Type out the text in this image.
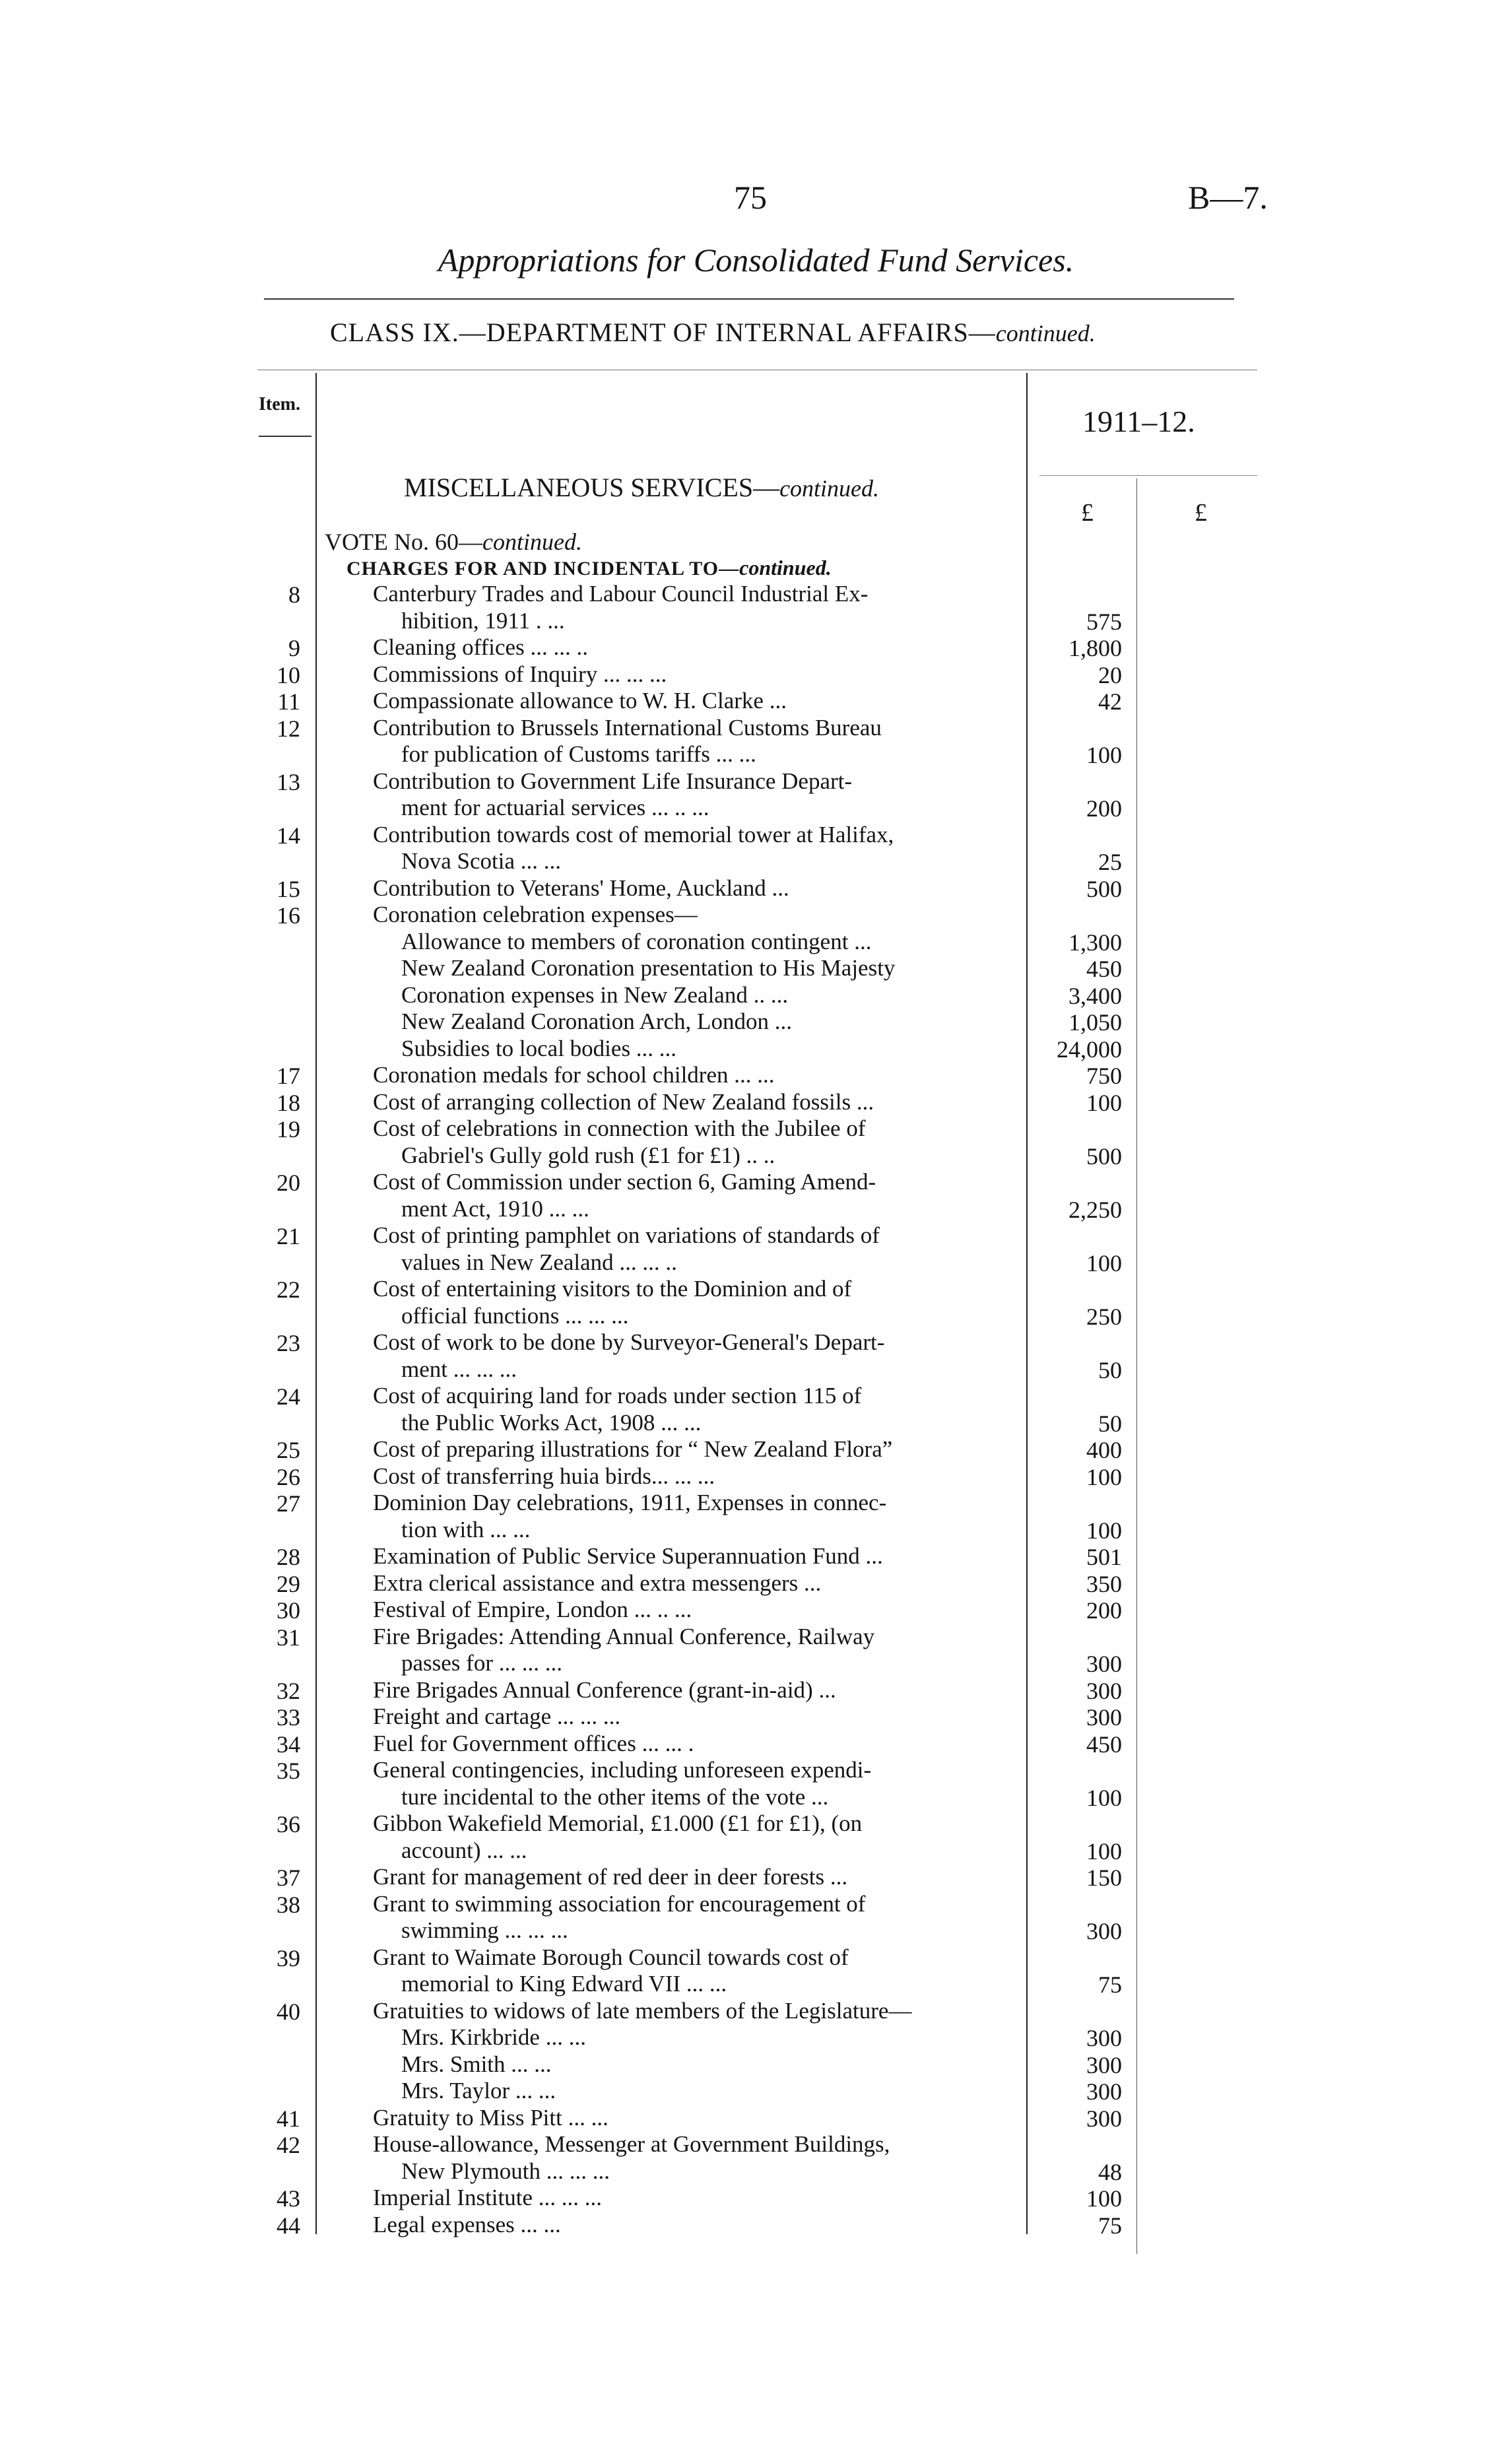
75	B—7.
Appropriations for Consolidated Fund Services.
CLASS IX.—DEPARTMENT OF INTERNAL AFFAIRS—continued.
Item.
1911–12.
MISCELLANEOUS SERVICES—continued.
£	£
VOTE No. 60—continued.
CHARGES FOR AND INCIDENTAL TO—continued.
8	Canterbury Trades and Labour Council Industrial Ex-
hibition, 1911 . ...	575
9	Cleaning offices ... ... ..	1,800
10	Commissions of Inquiry ... ... ...	20
11	Compassionate allowance to W. H. Clarke ...	42
12	Contribution to Brussels International Customs Bureau
for publication of Customs tariffs ... ...	100
13	Contribution to Government Life Insurance Depart-
ment for actuarial services ... .. ...	200
14	Contribution towards cost of memorial tower at Halifax,
Nova Scotia ... ...	25
15	Contribution to Veterans' Home, Auckland ...	500
16	Coronation celebration expenses—
Allowance to members of coronation contingent ...	1,300
New Zealand Coronation presentation to His Majesty	450
Coronation expenses in New Zealand .. ...	3,400
New Zealand Coronation Arch, London ...	1,050
Subsidies to local bodies ... ...	24,000
17	Coronation medals for school children ... ...	750
18	Cost of arranging collection of New Zealand fossils ...	100
19	Cost of celebrations in connection with the Jubilee of
Gabriel's Gully gold rush (£1 for £1) .. ..	500
20	Cost of Commission under section 6, Gaming Amend-
ment Act, 1910 ... ...	2,250
21	Cost of printing pamphlet on variations of standards of
values in New Zealand ... ... ..	100
22	Cost of entertaining visitors to the Dominion and of
official functions ... ... ...	250
23	Cost of work to be done by Surveyor-General's Depart-
ment ... ... ...	50
24	Cost of acquiring land for roads under section 115 of
the Public Works Act, 1908 ... ...	50
25	Cost of preparing illustrations for “ New Zealand Flora”	400
26	Cost of transferring huia birds... ... ...	100
27	Dominion Day celebrations, 1911, Expenses in connec-
tion with ... ...	100
28	Examination of Public Service Superannuation Fund ...	501
29	Extra clerical assistance and extra messengers ...	350
30	Festival of Empire, London ... .. ...	200
31	Fire Brigades: Attending Annual Conference, Railway
passes for ... ... ...	300
32	Fire Brigades Annual Conference (grant-in-aid) ...	300
33	Freight and cartage ... ... ...	300
34	Fuel for Government offices ... ... .	450
35	General contingencies, including unforeseen expendi-
ture incidental to the other items of the vote ...	100
36	Gibbon Wakefield Memorial, £1.000 (£1 for £1), (on
account) ... ...	100
37	Grant for management of red deer in deer forests ...	150
38	Grant to swimming association for encouragement of
swimming ... ... ...	300
39	Grant to Waimate Borough Council towards cost of
memorial to King Edward VII ... ...	75
40	Gratuities to widows of late members of the Legislature—
Mrs. Kirkbride ... ...	300
Mrs. Smith ... ...	300
Mrs. Taylor ... ...	300
41	Gratuity to Miss Pitt ... ...	300
42	House-allowance, Messenger at Government Buildings,
New Plymouth ... ... ...	48
43	Imperial Institute ... ... ...	100
44	Legal expenses ... ...	75
